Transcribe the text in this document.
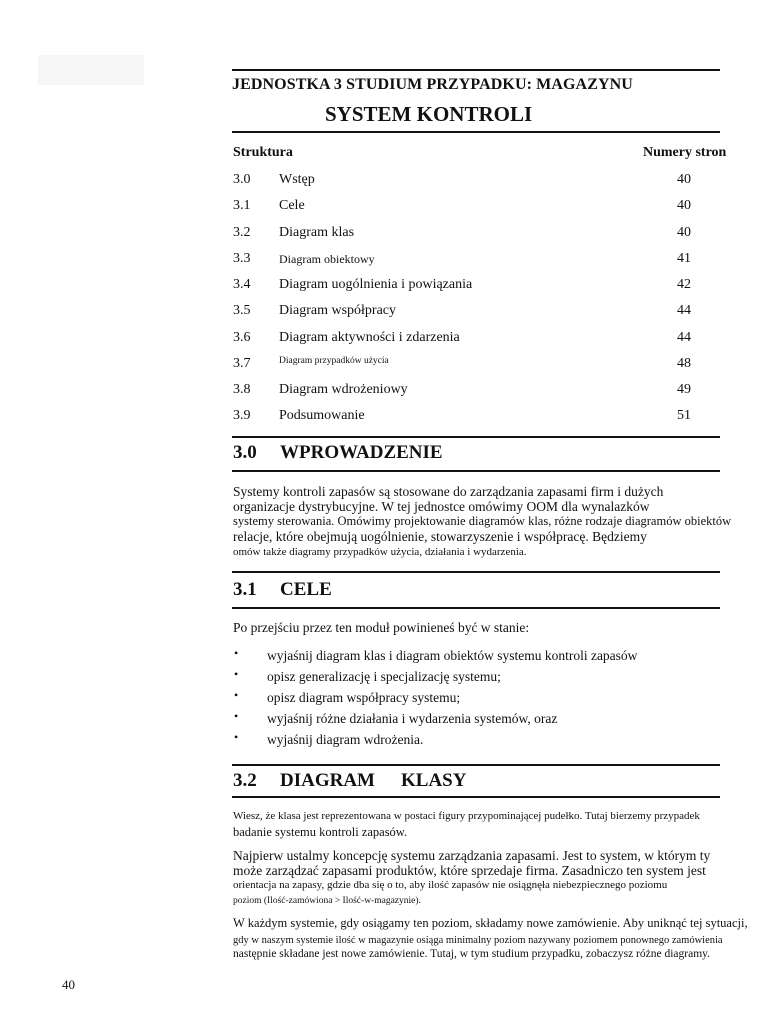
JEDNOSTKA 3 STUDIUM PRZYPADKU: MAGAZYNU
SYSTEM KONTROLI
Struktura	Numery stron
3.0	Wstęp	40
3.1	Cele	40
3.2	Diagram klas	40
3.3	Diagram obiektowy	41
3.4	Diagram uogólnienia i powiązania	42
3.5	Diagram współpracy	44
3.6	Diagram aktywności i zdarzenia	44
3.7	Diagram przypadków użycia	48
3.8	Diagram wdrożeniowy	49
3.9	Podsumowanie	51
3.0 WPROWADZENIE
Systemy kontroli zapasów są stosowane do zarządzania zapasami firm i dużych
organizacje dystrybucyjne. W tej jednostce omówimy OOM dla wynalazków
systemy sterowania. Omówimy projektowanie diagramów klas, różne rodzaje diagramów obiektów
relacje, które obejmują uogólnienie, stowarzyszenie i współpracę. Będziemy
omów także diagramy przypadków użycia, działania i wydarzenia.
3.1 CELE
Po przejściu przez ten moduł powinieneś być w stanie:
• wyjaśnij diagram klas i diagram obiektów systemu kontroli zapasów
• opisz generalizację i specjalizację systemu;
• opisz diagram współpracy systemu;
• wyjaśnij różne działania i wydarzenia systemów, oraz
• wyjaśnij diagram wdrożenia.
3.2 DIAGRAM KLASY
Wiesz, że klasa jest reprezentowana w postaci figury przypominającej pudełko. Tutaj bierzemy przypadek
badanie systemu kontroli zapasów.
Najpierw ustalmy koncepcję systemu zarządzania zapasami. Jest to system, w którym ty
może zarządzać zapasami produktów, które sprzedaje firma. Zasadniczo ten system jest
orientacja na zapasy, gdzie dba się o to, aby ilość zapasów nie osiągnęła niebezpiecznego poziomu
poziom (Ilość-zamówiona > Ilość-w-magazynie).
W każdym systemie, gdy osiągamy ten poziom, składamy nowe zamówienie. Aby uniknąć tej sytuacji,
gdy w naszym systemie ilość w magazynie osiąga minimalny poziom nazywany poziomem ponownego zamówienia
następnie składane jest nowe zamówienie. Tutaj, w tym studium przypadku, zobaczysz różne diagramy.
40
